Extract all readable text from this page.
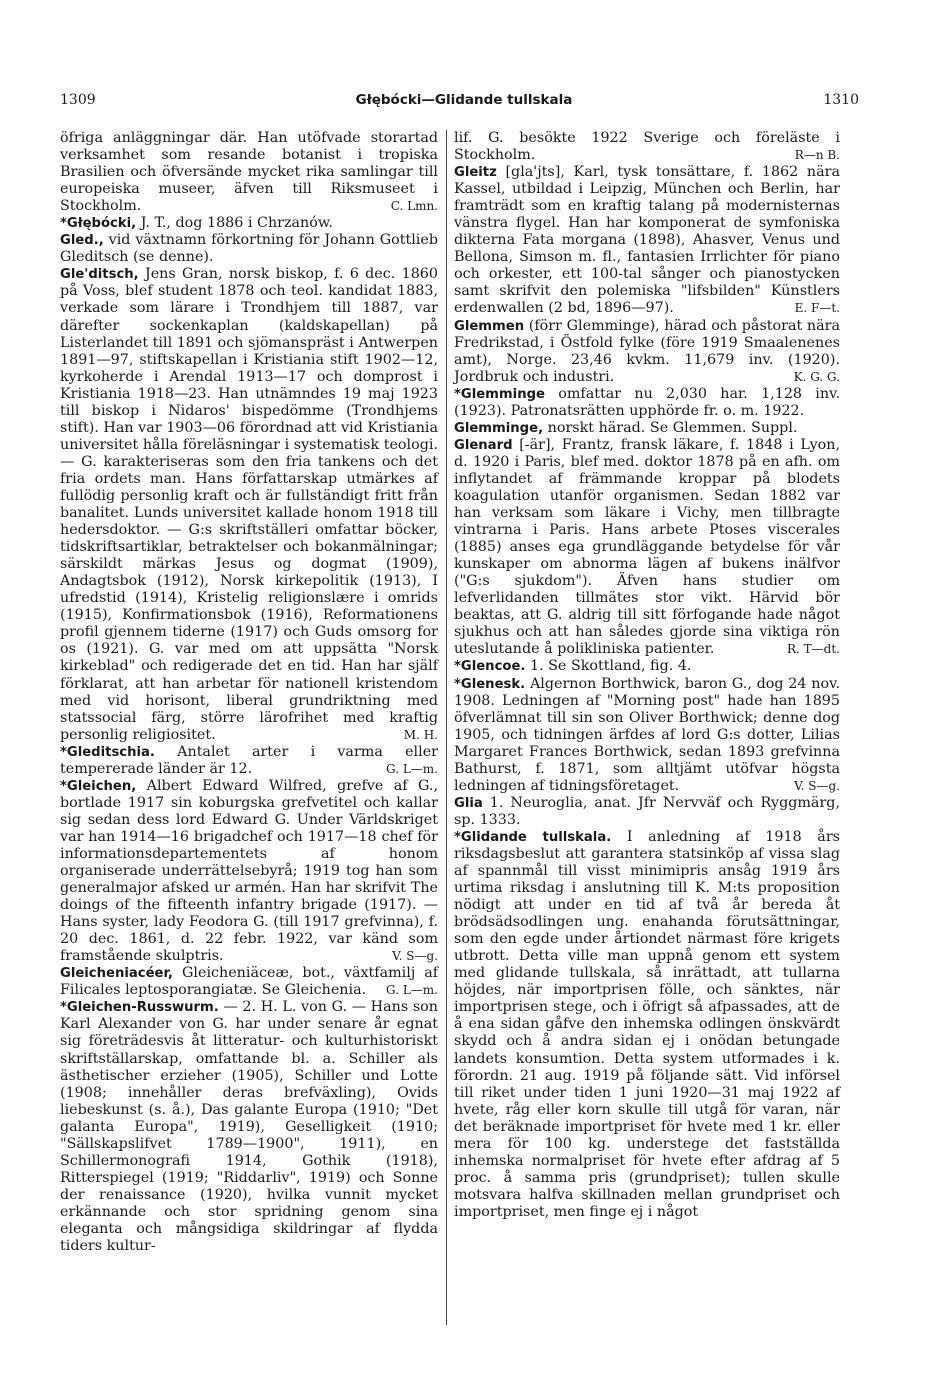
1309	Głębócki—Glidande tullskala	1310

öfriga anläggningar där. Han utöfvade storartad verksamhet som resande botanist i tropiska Brasilien och öfversände mycket rika samlingar till europeiska museer, äfven till Riksmuseet i Stockholm.	C. Lmn.

*Głębócki, J. T., dog 1886 i Chrzanów.

Gled., vid växtnamn förkortning för Johann Gottlieb Gleditsch (se denne).

Gle'ditsch, Jens Gran, norsk biskop, f. 6 dec. 1860 på Voss, blef student 1878 och teol. kandidat 1883, verkade som lärare i Trondhjem till 1887, var därefter sockenkaplan (kaldskapellan) på Listerlandet till 1891 och sjömanspräst i Antwerpen 1891—97, stiftskapellan i Kristiania stift 1902—12, kyrkoherde i Arendal 1913—17 och domprost i Kristiania 1918—23. Han utnämndes 19 maj 1923 till biskop i Nidaros' bispedömme (Trondhjems stift). Han var 1903—06 förordnad att vid Kristiania universitet hålla föreläsningar i systematisk teologi. — G. karakteriseras som den fria tankens och det fria ordets man. Hans författarskap utmärkes af fullödig personlig kraft och är fullständigt fritt från banalitet. Lunds universitet kallade honom 1918 till hedersdoktor. — G:s skriftställeri omfattar böcker, tidskriftsartiklar, betraktelser och bokanmälningar; särskildt märkas Jesus og dogmat (1909), Andagtsbok (1912), Norsk kirkepolitik (1913), I ufredstid (1914), Kristelig religionslære i omrids (1915), Konfirmationsbok (1916), Reformationens profil gjennem tiderne (1917) och Guds omsorg for os (1921). G. var med om att uppsätta "Norsk kirkeblad" och redigerade det en tid. Han har själf förklarat, att han arbetar för nationell kristendom med vid horisont, liberal grundriktning med statssocial färg, större lärofrihet med kraftig personlig religiositet.	M. H.

*Gleditschia. Antalet arter i varma eller tempererade länder är 12.	G. L—m.

*Gleichen, Albert Edward Wilfred, grefve af G., bortlade 1917 sin koburgska grefvetitel och kallar sig sedan dess lord Edward G. Under Världskriget var han 1914—16 brigadchef och 1917—18 chef för informationsdepartementets af honom organiserade underrättelsebyrå; 1919 tog han som generalmajor afsked ur armén. Han har skrifvit The doings of the fifteenth infantry brigade (1917). — Hans syster, lady Feodora G. (till 1917 grefvinna), f. 20 dec. 1861, d. 22 febr. 1922, var känd som framstående skulptris.	V. S—g.

Gleicheniacéer, Gleicheniäceæ, bot., växtfamilj af Filicales leptosporangiatæ. Se Gleichenia.	G. L—m.

*Gleichen-Russwurm. — 2. H. L. von G. — Hans son Karl Alexander von G. har under senare år egnat sig företrädesvis åt litteratur- och kulturhistoriskt skriftställarskap, omfattande bl. a. Schiller als ästhetischer erzieher (1905), Schiller und Lotte (1908; innehåller deras brefväxling), Ovids liebeskunst (s. å.), Das galante Europa (1910; "Det galanta Europa", 1919), Geselligkeit (1910; "Sällskapslifvet 1789—1900", 1911), en Schillermonografi 1914, Gothik (1918), Ritterspiegel (1919; "Riddarliv", 1919) och Sonne der renaissance (1920), hvilka vunnit mycket erkännande och stor spridning genom sina eleganta och mångsidiga skildringar af flydda tiders kultur-

lif. G. besökte 1922 Sverige och föreläste i Stockholm.	R—n B.

Gleitz [gla'jts], Karl, tysk tonsättare, f. 1862 nära Kassel, utbildad i Leipzig, München och Berlin, har framträdt som en kraftig talang på modernisternas vänstra flygel. Han har komponerat de symfoniska dikterna Fata morgana (1898), Ahasver, Venus und Bellona, Simson m. fl., fantasien Irrlichter för piano och orkester, ett 100-tal sånger och pianostycken samt skrifvit den polemiska "lifsbilden" Künstlers erdenwallen (2 bd, 1896—97).	E. F—t.

Glemmen (förr Glemminge), härad och påstorat nära Fredrikstad, i Östfold fylke (före 1919 Smaalenenes amt), Norge. 23,46 kvkm. 11,679 inv. (1920). Jordbruk och industri.	K. G. G.

*Glemminge omfattar nu 2,030 har. 1,128 inv. (1923). Patronatsrätten upphörde fr. o. m. 1922.

Glemminge, norskt härad. Se Glemmen. Suppl.

Glenard [-är], Frantz, fransk läkare, f. 1848 i Lyon, d. 1920 i Paris, blef med. doktor 1878 på en afh. om inflytandet af främmande kroppar på blodets koagulation utanför organismen. Sedan 1882 var han verksam som läkare i Vichy, men tillbragte vintrarna i Paris. Hans arbete Ptoses viscerales (1885) anses ega grundläggande betydelse för vår kunskaper om abnorma lägen af bukens inälfvor ("G:s sjukdom"). Äfven hans studier om lefverlidanden tillmätes stor vikt. Härvid bör beaktas, att G. aldrig till sitt förfogande hade något sjukhus och att han således gjorde sina viktiga rön uteslutande å polikliniska patienter.	R. T—dt.

*Glencoe. 1. Se Skottland, fig. 4.

*Glenesk. Algernon Borthwick, baron G., dog 24 nov. 1908. Ledningen af "Morning post" hade han 1895 öfverlämnat till sin son Oliver Borthwick; denne dog 1905, och tidningen ärfdes af lord G:s dotter, Lilias Margaret Frances Borthwick, sedan 1893 grefvinna Bathurst, f. 1871, som alltjämt utöfvar högsta ledningen af tidningsföretaget.	V. S—g.

Glia 1. Neuroglia, anat. Jfr Nervväf och Ryggmärg, sp. 1333.

*Glidande tullskala. I anledning af 1918 års riksdagsbeslut att garantera statsinköp af vissa slag af spannmål till visst minimipris ansåg 1919 års urtima riksdag i anslutning till K. M:ts proposition nödigt att under en tid af två år bereda åt brödsädsodlingen ung. enahanda förutsättningar, som den egde under årtiondet närmast före krigets utbrott. Detta ville man uppnå genom ett system med glidande tullskala, så inrättadt, att tullarna höjdes, när importprisen fölle, och sänktes, när importprisen stege, och i öfrigt så afpassades, att de å ena sidan gåfve den inhemska odlingen önskvärdt skydd och å andra sidan ej i onödan betungade landets konsumtion. Detta system utformades i k. förordn. 21 aug. 1919 på följande sätt. Vid införsel till riket under tiden 1 juni 1920—31 maj 1922 af hvete, råg eller korn skulle till utgå för varan, när det beräknade importpriset för hvete med 1 kr. eller mera för 100 kg. understege det fastställda inhemska normalpriset för hvete efter afdrag af 5 proc. å samma pris (grundpriset); tullen skulle motsvara halfva skillnaden mellan grundpriset och importpriset, men finge ej i något
